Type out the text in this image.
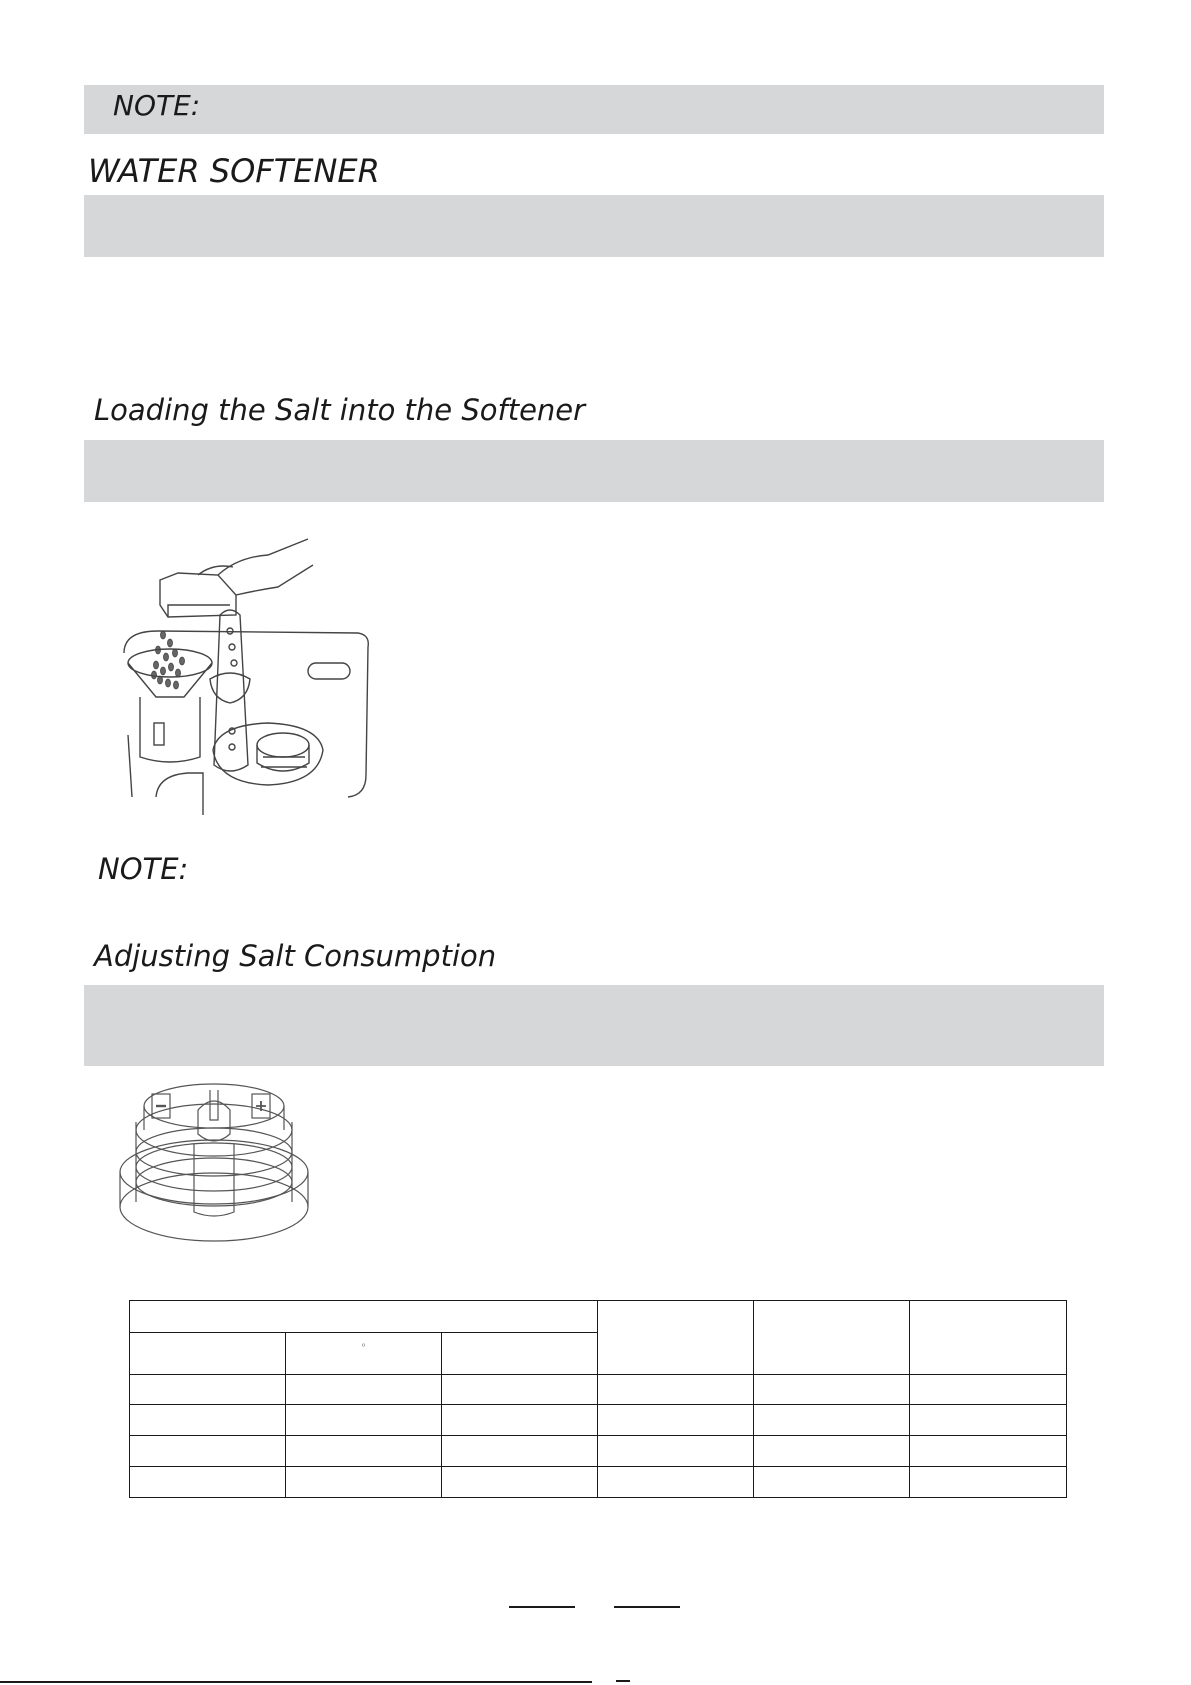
NOTE:
WATER SOFTENER
Loading the Salt into the Softener
NOTE:
Adjusting Salt Consumption

	°				
